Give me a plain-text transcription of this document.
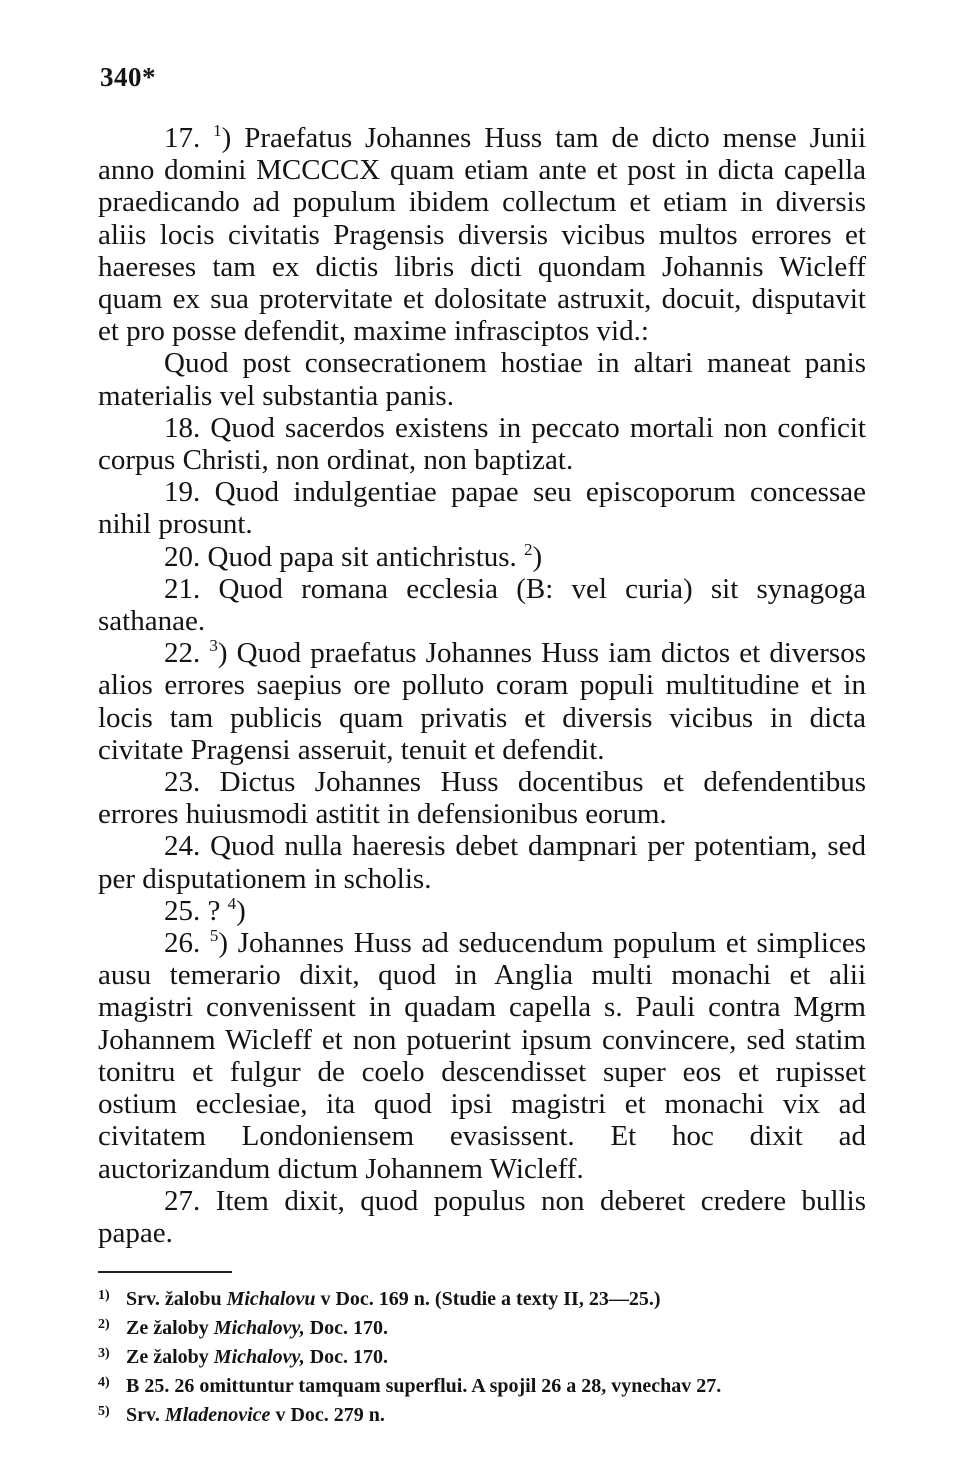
340*

17. $^1$) Praefatus Johannes Huss tam de dicto mense Junii anno domini MCCCCX quam etiam ante et post in dicta capella praedicando ad populum ibidem collectum et etiam in diversis aliis locis civitatis Pragensis diversis vicibus multos errores et haereses tam ex dictis libris dicti quondam Johannis Wicleff quam ex sua protervitate et dolositate astruxit, docuit, disputavit et pro posse defendit, maxime infrasciptos vid.:

Quod post consecrationem hostiae in altari maneat panis materialis vel substantia panis.

18. Quod sacerdos existens in peccato mortali non conficit corpus Christi, non ordinat, non baptizat.

19. Quod indulgentiae papae seu episcoporum concessae nihil prosunt.

20. Quod papa sit antichristus. $^2$)

21. Quod romana ecclesia (B: vel curia) sit synagoga sathanae.

22. $^3$) Quod praefatus Johannes Huss iam dictos et diversos alios errores saepius ore polluto coram populi multitudine et in locis tam publicis quam privatis et diversis vicibus in dicta civitate Pragensi asseruit, tenuit et defendit.

23. Dictus Johannes Huss docentibus et defendentibus errores huiusmodi astitit in defensionibus eorum.

24. Quod nulla haeresis debet dampnari per potentiam, sed per disputationem in scholis.

25. ? $^4$)

26. $^5$) Johannes Huss ad seducendum populum et simplices ausu temerario dixit, quod in Anglia multi monachi et alii magistri convenissent in quadam capella s. Pauli contra Mgrm Johannem Wicleff et non potuerint ipsum convincere, sed statim tonitru et fulgur de coelo descendisset super eos et rupisset ostium ecclesiae, ita quod ipsi magistri et monachi vix ad civitatem Londoniensem evasissent. Et hoc dixit ad auctorizandum dictum Johannem Wicleff.

27. Item dixit, quod populus non deberet credere bullis papae.

1) Srv. žalobu Michalovu v Doc. 169 n. (Studie a texty II, 23—25.)

2) Ze žaloby Michalovy, Doc. 170.

3) Ze žaloby Michalovy, Doc. 170.

4) B 25. 26 omittuntur tamquam superflui. A spojil 26 a 28, vynechav 27.

5) Srv. Mladenovice v Doc. 279 n.
